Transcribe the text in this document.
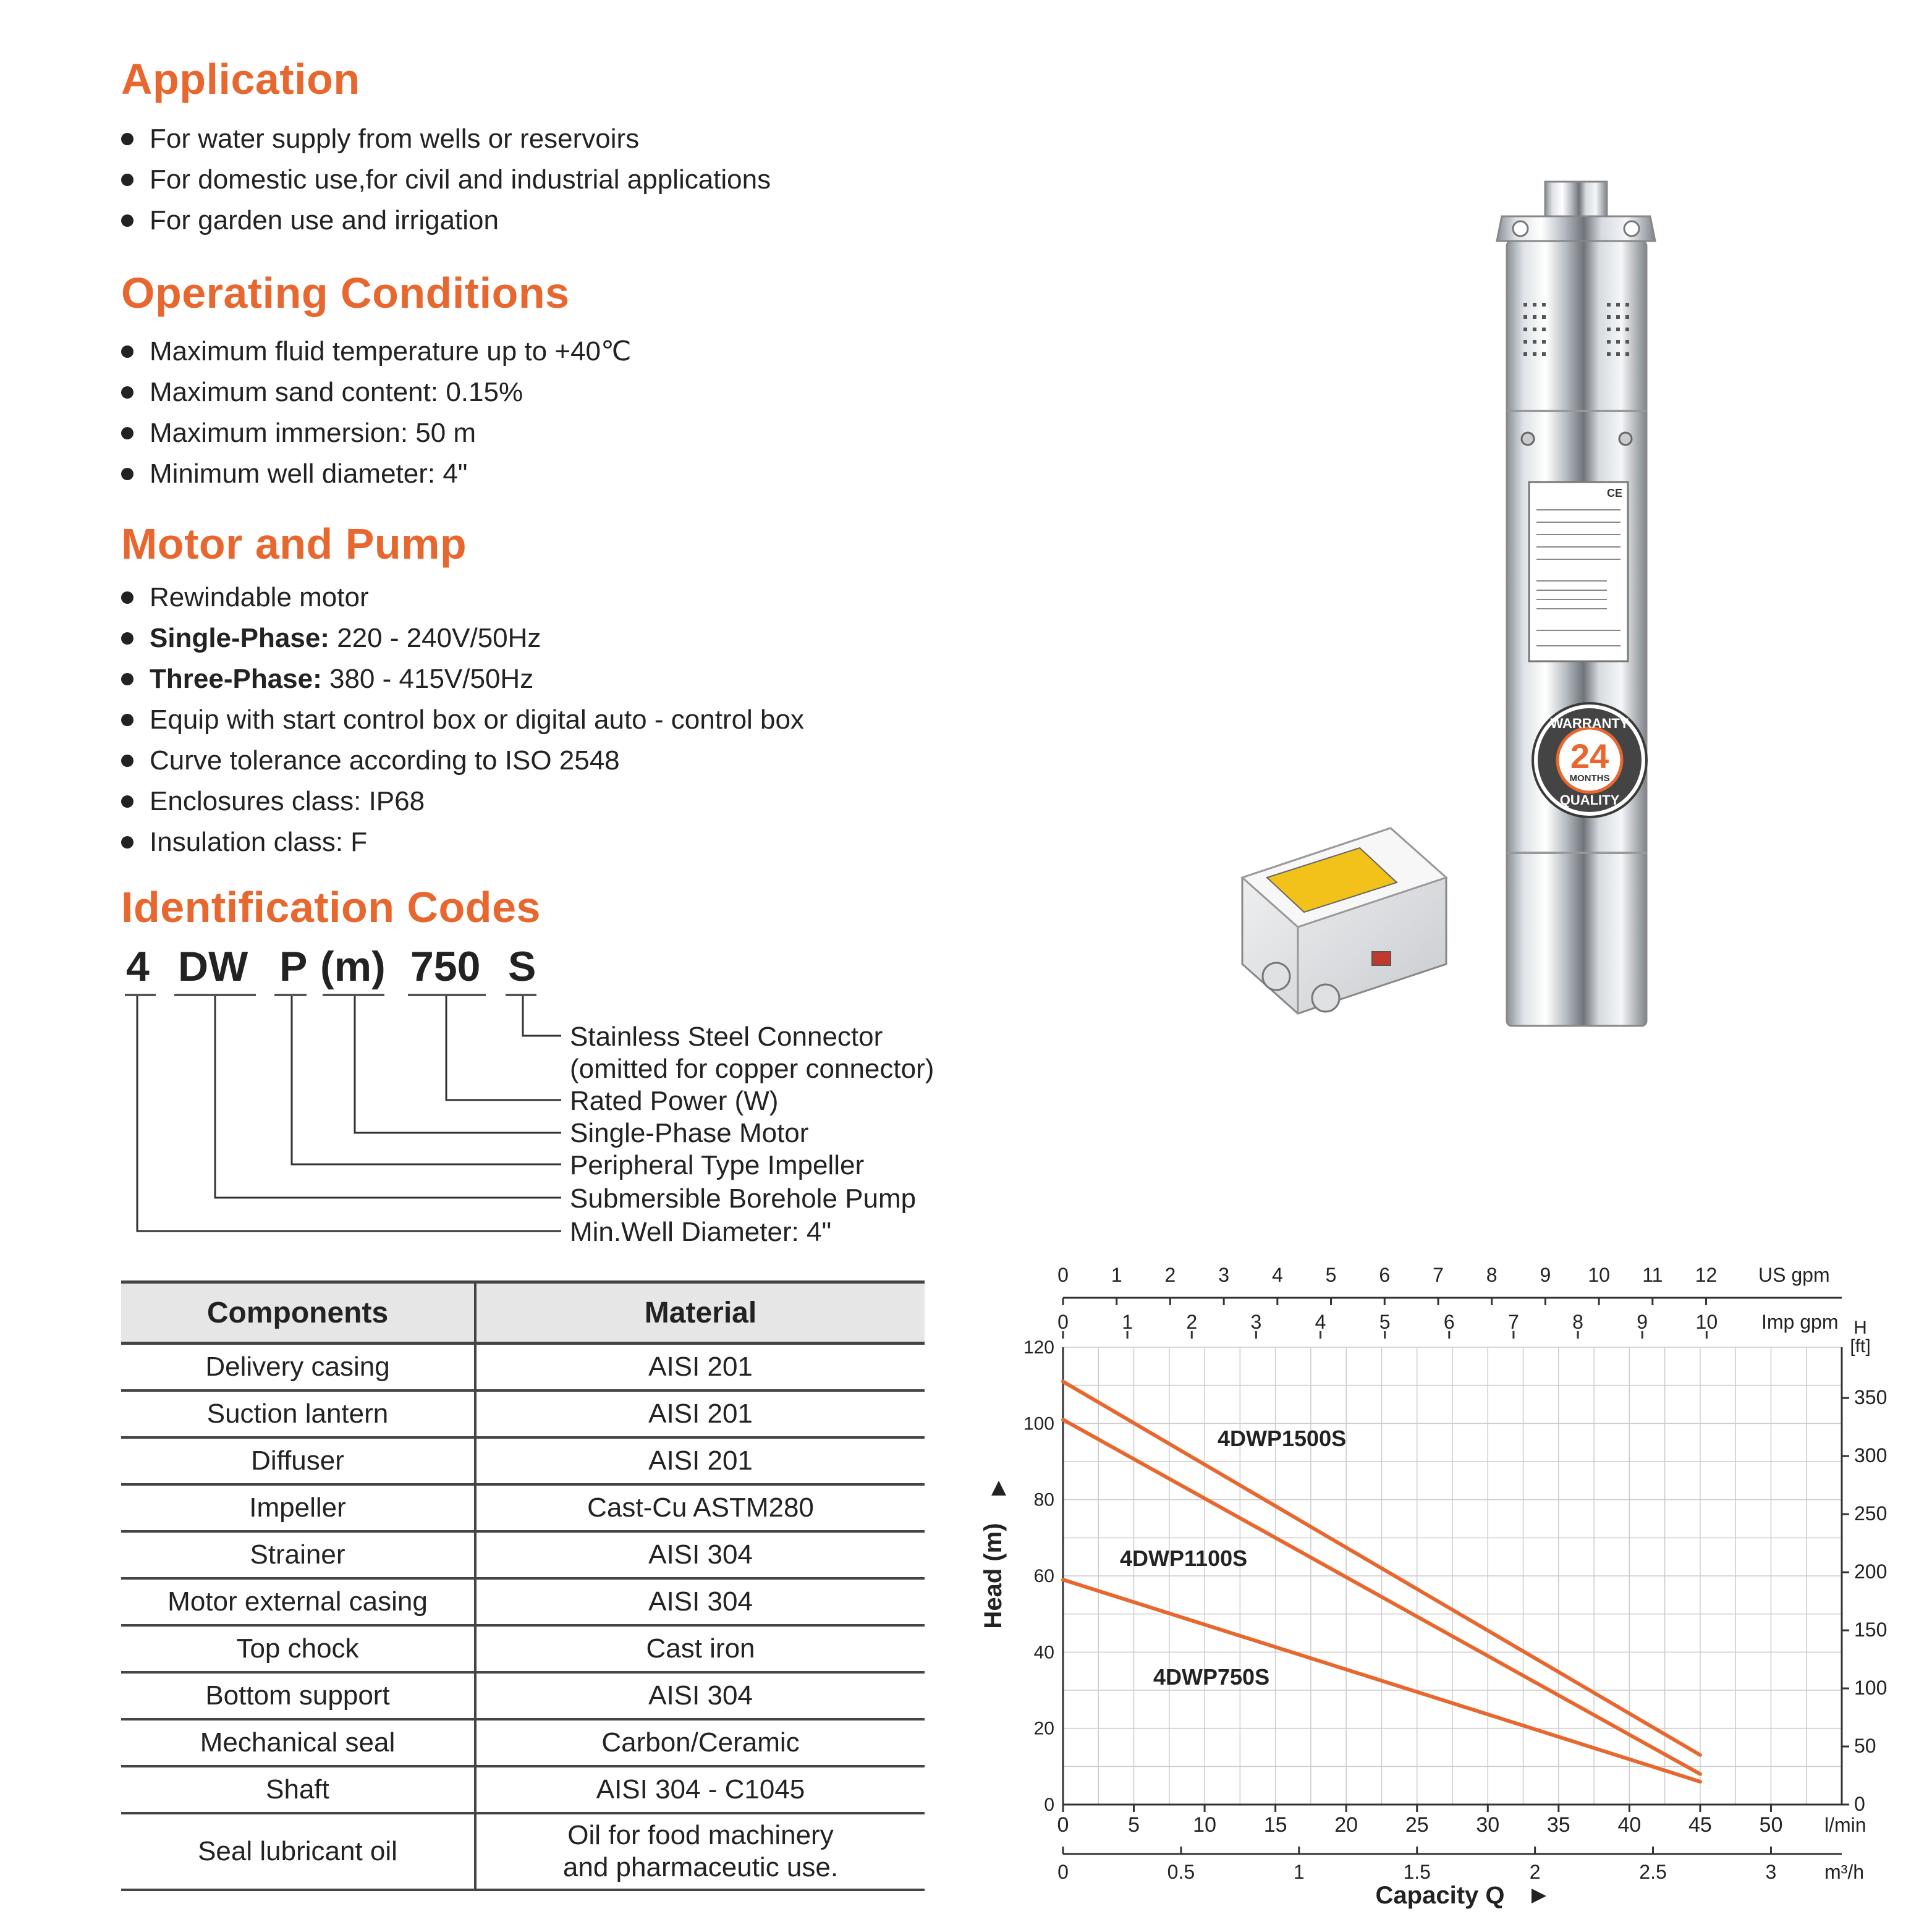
Application
For water supply from wells or reservoirs
For domestic use,for civil and industrial applications
For garden use and irrigation
Operating Conditions
Maximum fluid temperature up to +40℃
Maximum sand content: 0.15%
Maximum immersion: 50 m
Minimum well diameter: 4"
Motor and Pump
Rewindable motor
Single-Phase: 220 - 240V/50Hz
Three-Phase: 380 - 415V/50Hz
Equip with start control box or digital auto - control box
Curve tolerance according to ISO 2548
Enclosures class: IP68
Insulation class: F
Identification Codes
4 DW P (m) 750 S
Stainless Steel Connector
(omitted for copper connector)
Rated Power (W)
Single-Phase Motor
Peripheral Type Impeller
Submersible Borehole Pump
Min.Well Diameter: 4"
Components	Material
Delivery casing	AISI 201
Suction lantern	AISI 201
Diffuser	AISI 201
Impeller	Cast-Cu ASTM280
Strainer	AISI 304
Motor external casing	AISI 304
Top chock	Cast iron
Bottom support	AISI 304
Mechanical seal	Carbon/Ceramic
Shaft	AISI 304 - C1045
Seal lubricant oil	Oil for food machinery
and pharmaceutic use.
CE
WARRANTY
24
MONTHS
QUALITY
0	5	10 15 20 25 30 35 40 45 50 l/min
0
20
40
60
80
100
120
0	0.5	1	1.5	2	2.5	3 m³/h
0 1 2 3 4 5 6 7 8 9 10 11 12 US gpm
0	1	2	3	4	5	6	7	8	9 10 Imp gpm
0
50
100
150
200
250
300
350
H
[ft]
Capacity Q
Head (m)
4DWP1500S
4DWP1100S
4DWP750S
